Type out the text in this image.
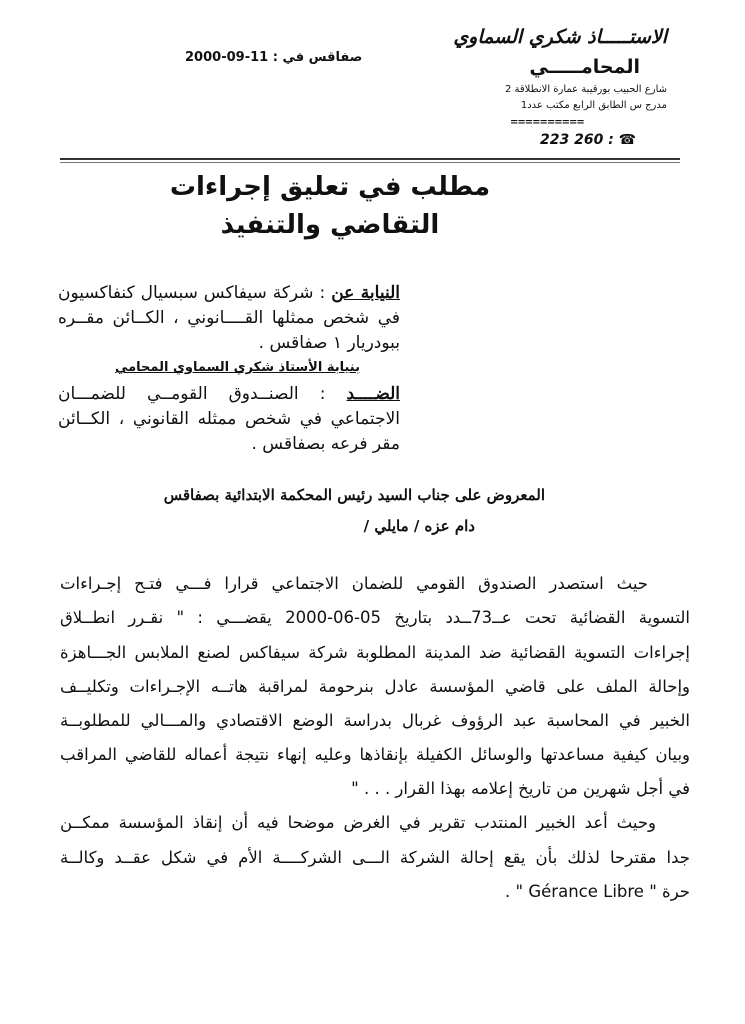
الاستـــــاذ شكري السماوي
المحامـــــي
شارع الحبيب بورقيبة عمارة الانطلاقة 2
مدرج س الطابق الرابع مكتب عدد1
==========
223 260 : ☎
صفاقس في : 11-09-2000
مطلب في تعليق إجراءات
التقاضي والتنفيذ
النيابة عن : شركة سيفاكس سبسيال كنفاكسيون
في شخص ممثلها القــــانوني ، الكــائن مقــره
ببودريار ١ صفاقس .
بنيابة الأستاذ شكري السماوي المحامي
الضــــد : الصنــدوق القومــي للضمـــان
الاجتماعي في شخص ممثله القانوني ، الكــائن
مقر فرعه بصفاقس .
المعروض على جناب السيد رئيس المحكمة الابتدائية بصفاقس
دام عزه / مايلي /
حيث استصدر الصندوق القومي للضمان الاجتماعي قرارا فـــي فتـح إجـراءات
التسوية القضائية تحت عــ73ــدد بتاريخ 05-06-2000 يقضـــي : " نقـرر انطــلاق
إجراءات التسوية القضائية ضد المدينة المطلوبة شركة سيفاكس لصنع الملابس الجـــاهزة
وإحالة الملف على قاضي المؤسسة عادل بنرحومة لمراقبة هاتــه الإجـراءات وتكليــف
الخبير في المحاسبة عبد الرؤوف غربال بدراسة الوضع الاقتصادي والمـــالي للمطلوبــة
وبيان كيفية مساعدتها والوسائل الكفيلة بإنقاذها وعليه إنهاء نتيجة أعماله للقاضي المراقب
في أجل شهرين من تاريخ إعلامه بهذا القرار . . . "
وحيث أعد الخبير المنتدب تقرير في الغرض موضحا فيه أن إنقاذ المؤسسة ممكــن
جدا مقترحا لذلك بأن يقع إحالة الشركة الـــى الشركــــة الأم في شكل عقــد وكالــة
حرة " Gérance Libre " .
